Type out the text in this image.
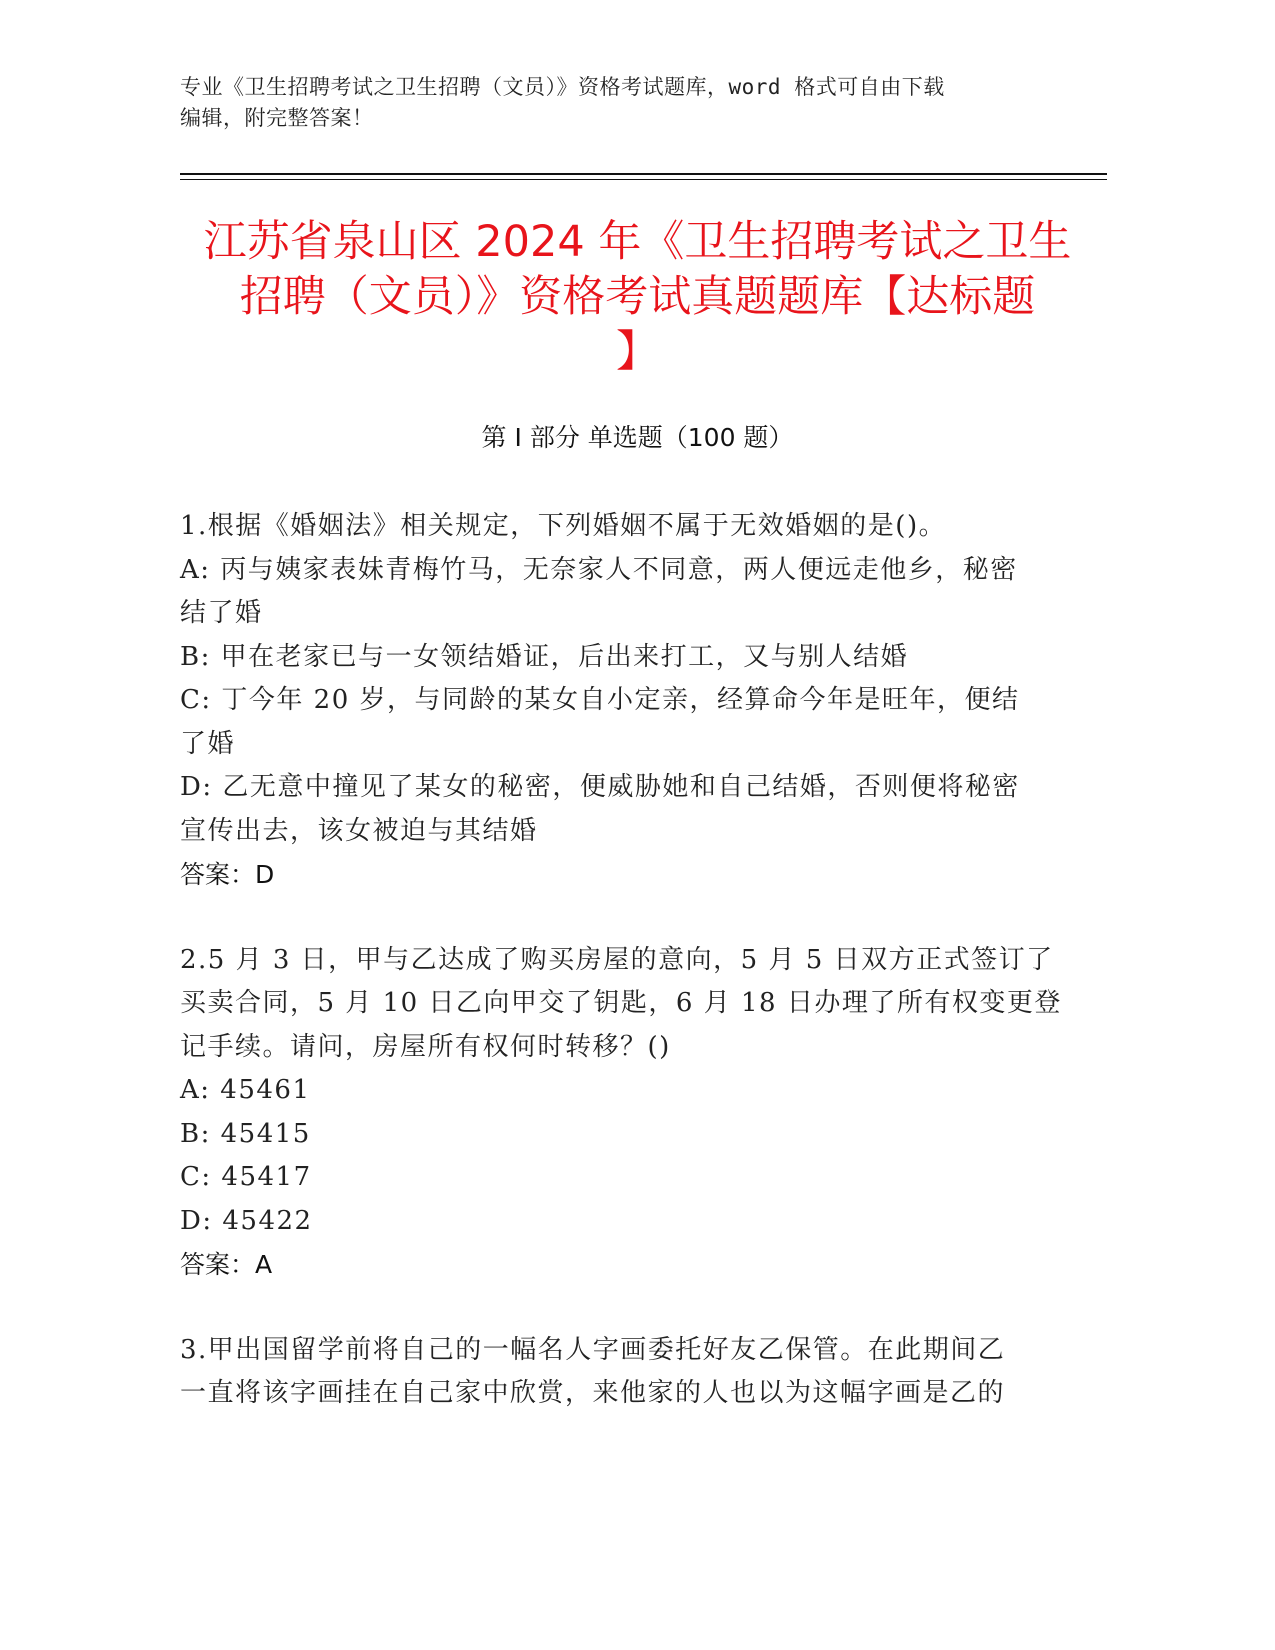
专业《卫生招聘考试之卫生招聘（文员）》资格考试题库，word 格式可自由下载
编辑，附完整答案！
江苏省泉山区 2024 年《卫生招聘考试之卫生
招聘（文员）》资格考试真题题库【达标题
】
第 I 部分 单选题（100 题）
1.根据《婚姻法》相关规定，下列婚姻不属于无效婚姻的是()。
A: 丙与姨家表妹青梅竹马，无奈家人不同意，两人便远走他乡，秘密
结了婚
B: 甲在老家已与一女领结婚证，后出来打工，又与别人结婚
C: 丁今年 20 岁，与同龄的某女自小定亲，经算命今年是旺年，便结
了婚
D: 乙无意中撞见了某女的秘密，便威胁她和自己结婚，否则便将秘密
宣传出去，该女被迫与其结婚
答案：D
2.5 月 3 日，甲与乙达成了购买房屋的意向，5 月 5 日双方正式签订了
买卖合同，5 月 10 日乙向甲交了钥匙，6 月 18 日办理了所有权变更登
记手续。请问，房屋所有权何时转移？()
A: 45461
B: 45415
C: 45417
D: 45422
答案：A
3.甲出国留学前将自己的一幅名人字画委托好友乙保管。在此期间乙
一直将该字画挂在自己家中欣赏，来他家的人也以为这幅字画是乙的
